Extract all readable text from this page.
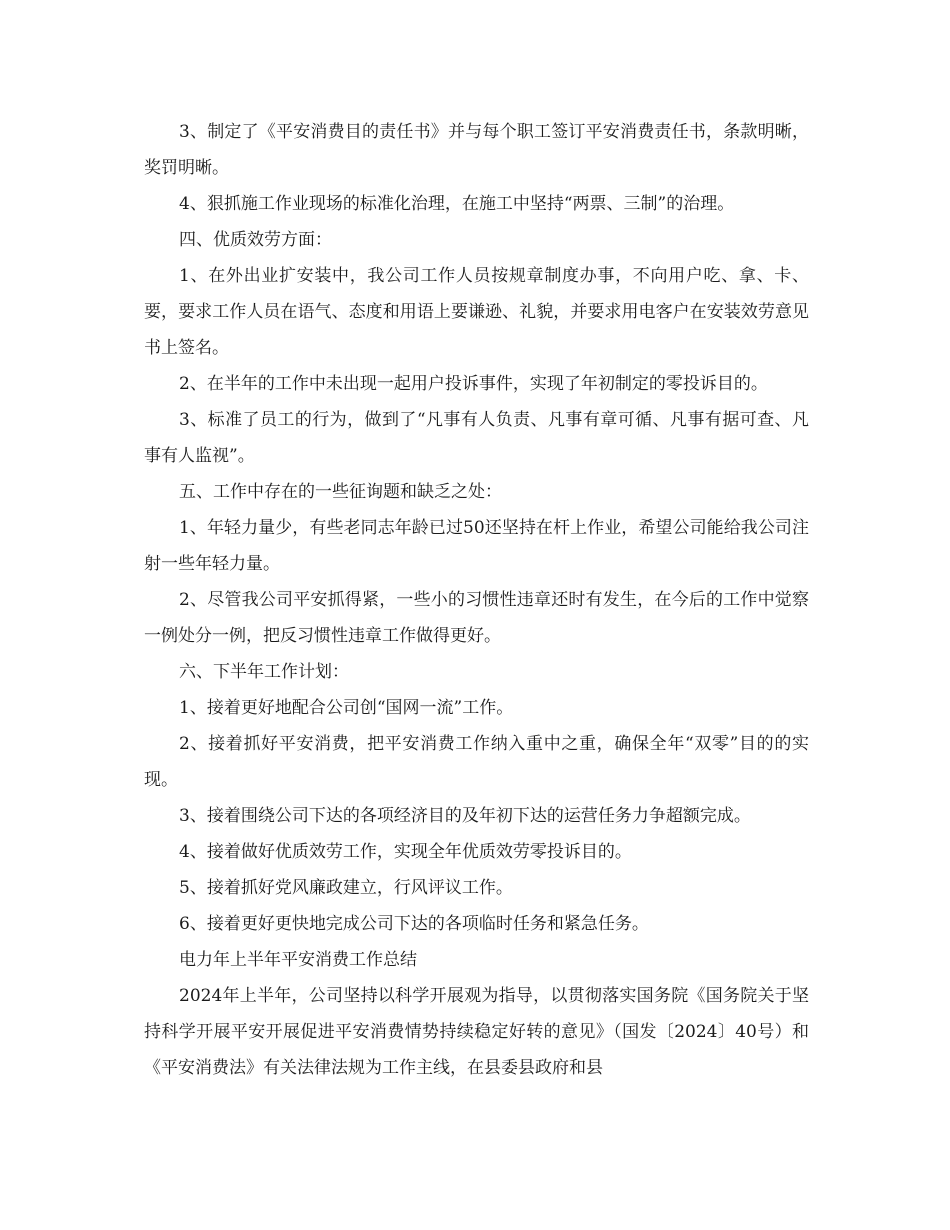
3、制定了《平安消费目的责任书》并与每个职工签订平安消费责任书，条款明晰，奖罚明晰。

4、狠抓施工作业现场的标准化治理，在施工中坚持“两票、三制”的治理。

四、优质效劳方面：

1、在外出业扩安装中，我公司工作人员按规章制度办事，不向用户吃、拿、卡、要，要求工作人员在语气、态度和用语上要谦逊、礼貌，并要求用电客户在安装效劳意见书上签名。

2、在半年的工作中未出现一起用户投诉事件，实现了年初制定的零投诉目的。

3、标准了员工的行为，做到了“凡事有人负责、凡事有章可循、凡事有据可查、凡事有人监视”。

五、工作中存在的一些征询题和缺乏之处：

1、年轻力量少，有些老同志年龄已过50还坚持在杆上作业，希望公司能给我公司注射一些年轻力量。

2、尽管我公司平安抓得紧，一些小的习惯性违章还时有发生，在今后的工作中觉察一例处分一例，把反习惯性违章工作做得更好。

六、下半年工作计划：

1、接着更好地配合公司创“国网一流”工作。

2、接着抓好平安消费，把平安消费工作纳入重中之重，确保全年“双零”目的的实现。

3、接着围绕公司下达的各项经济目的及年初下达的运营任务力争超额完成。

4、接着做好优质效劳工作，实现全年优质效劳零投诉目的。

5、接着抓好党风廉政建立，行风评议工作。

6、接着更好更快地完成公司下达的各项临时任务和紧急任务。

电力年上半年平安消费工作总结

2024年上半年，公司坚持以科学开展观为指导，以贯彻落实国务院《国务院关于坚持科学开展平安开展促进平安消费情势持续稳定好转的意见》（国发〔2024〕40号）和《平安消费法》有关法律法规为工作主线，在县委县政府和县
